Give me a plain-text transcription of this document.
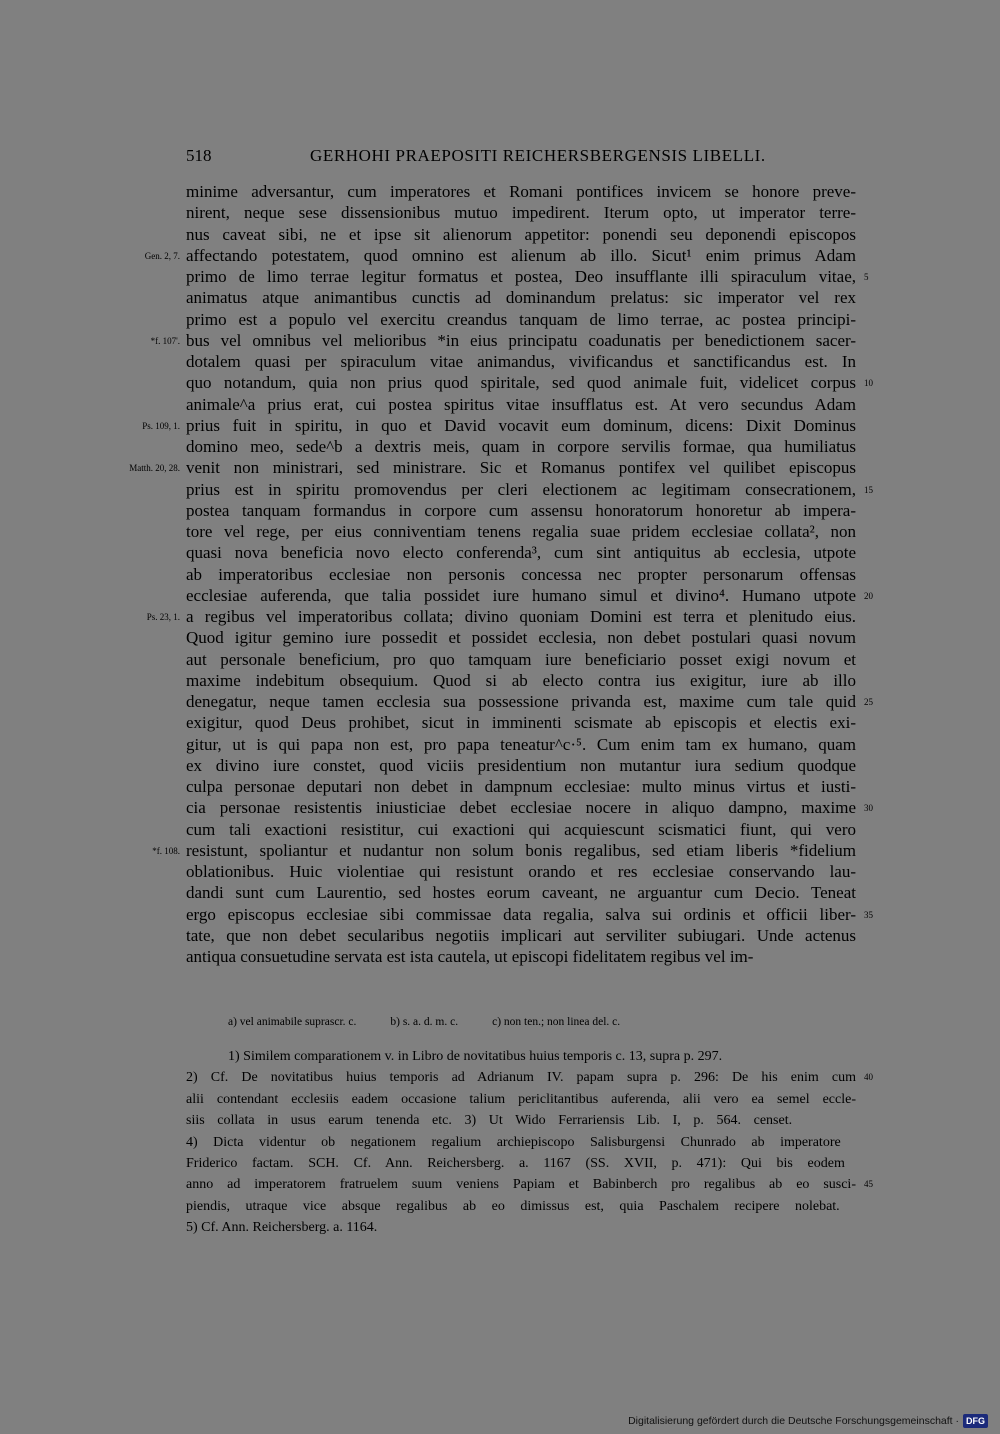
518	GERHOHI PRAEPOSITI REICHERSBERGENSIS LIBELLI.
minime adversantur, cum imperatores et Romani pontifices invicem se honore preve-
nirent, neque sese dissensionibus mutuo impedirent. Iterum opto, ut imperator terre-
nus caveat sibi, ne et ipse sit alienorum appetitor: ponendi seu deponendi episcopos
affectando potestatem, quod omnino est alienum ab illo. Sicut¹ enim primus Adam
primo de limo terrae legitur formatus et postea, Deo insufflante illi spiraculum vitae,
animatus atque animantibus cunctis ad dominandum prelatus: sic imperator vel rex
primo est a populo vel exercitu creandus tanquam de limo terrae, ac postea principi-
bus vel omnibus vel melioribus *in eius principatu coadunatis per benedictionem sacer-
dotalem quasi per spiraculum vitae animandus, vivificandus et sanctificandus est. In
quo notandum, quia non prius quod spiritale, sed quod animale fuit, videlicet corpus
animale^a prius erat, cui postea spiritus vitae insufflatus est. At vero secundus Adam
prius fuit in spiritu, in quo et David vocavit eum dominum, dicens: Dixit Dominus
domino meo, sede^b a dextris meis, quam in corpore servilis formae, qua humiliatus
venit non ministrari, sed ministrare. Sic et Romanus pontifex vel quilibet episcopus
prius est in spiritu promovendus per cleri electionem ac legitimam consecrationem,
postea tanquam formandus in corpore cum assensu honoratorum honoretur ab impera-
tore vel rege, per eius conniventiam tenens regalia suae pridem ecclesiae collata², non
quasi nova beneficia novo electo conferenda³, cum sint antiquitus ab ecclesia, utpote
ab imperatoribus ecclesiae non personis concessa nec propter personarum offensas
ecclesiae auferenda, que talia possidet iure humano simul et divino⁴. Humano utpote
a regibus vel imperatoribus collata; divino quoniam Domini est terra et plenitudo eius.
Quod igitur gemino iure possedit et possidet ecclesia, non debet postulari quasi novum
aut personale beneficium, pro quo tamquam iure beneficiario posset exigi novum et
maxime indebitum obsequium. Quod si ab electo contra ius exigitur, iure ab illo
denegatur, neque tamen ecclesia sua possessione privanda est, maxime cum tale quid
exigitur, quod Deus prohibet, sicut in imminenti scismate ab episcopis et electis exi-
gitur, ut is qui papa non est, pro papa teneatur^c·⁵. Cum enim tam ex humano, quam
ex divino iure constet, quod viciis presidentium non mutantur iura sedium quodque
culpa personae deputari non debet in dampnum ecclesiae: multo minus virtus et iusti-
cia personae resistentis iniusticiae debet ecclesiae nocere in aliquo dampno, maxime
cum tali exactioni resistitur, cui exactioni qui acquiescunt scismatici fiunt, qui vero
resistunt, spoliantur et nudantur non solum bonis regalibus, sed etiam liberis *fidelium
oblationibus. Huic violentiae qui resistunt orando et res ecclesiae conservando lau-
dandi sunt cum Laurentio, sed hostes eorum caveant, ne arguantur cum Decio. Teneat
ergo episcopus ecclesiae sibi commissae data regalia, salva sui ordinis et officii liber-
tate, que non debet secularibus negotiis implicari aut serviliter subiugari. Unde actenus
antiqua consuetudine servata est ista cautela, ut episcopi fidelitatem regibus vel im-
a) vel animabile suprascr. c.	b) s. a. d. m. c.	c) non ten.; non linea del. c.
1) Similem comparationem v. in Libro de novitatibus huius temporis c. 13, supra p. 297.
2) Cf. De novitatibus huius temporis ad Adrianum IV. papam supra p. 296: De his enim cum
alii contendant ecclesiis eadem occasione talium periclitantibus auferenda, alii vero ea semel eccle-
siis collata in usus earum tenenda etc. 3) Ut Wido Ferrariensis Lib. I, p. 564. censet.
4) Dicta videntur ob negationem regalium archiepiscopo Salisburgensi Chunrado ab imperatore
Friderico factam. SCH. Cf. Ann. Reichersberg. a. 1167 (SS. XVII, p. 471): Qui bis eodem
anno ad imperatorem fratruelem suum veniens Papiam et Babinberch pro regalibus ab eo susci-
piendis, utraque vice absque regalibus ab eo dimissus est, quia Paschalem recipere nolebat.
5) Cf. Ann. Reichersberg. a. 1164.
Digitalisierung gefördert durch die Deutsche Forschungsgemeinschaft · DFG
Gen. 2, 7.
*f. 107'.
Ps. 109, 1.
Matth. 20, 28.
Ps. 23, 1.
*f. 108.
5
10
15
20
25
30
35
40
45
